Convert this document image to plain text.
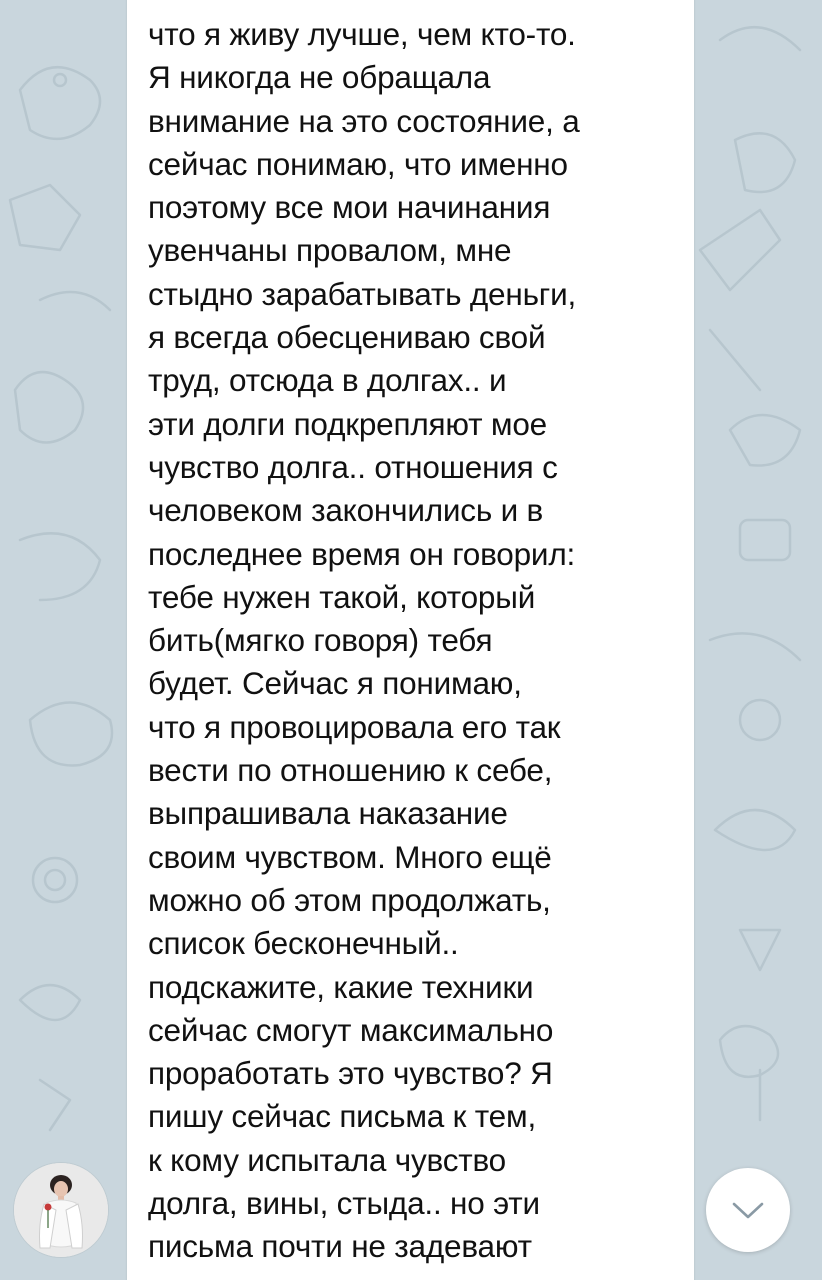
что я живу лучше, чем кто-то.
Я никогда не обращала
внимание на это состояние, а
сейчас понимаю, что именно
поэтому все мои начинания
увенчаны провалом, мне
стыдно зарабатывать деньги,
я всегда обесцениваю свой
труд, отсюда в долгах.. и
эти долги подкрепляют мое
чувство долга.. отношения с
человеком закончились и в
последнее время он говорил:
тебе нужен такой, который
бить(мягко говоря) тебя
будет. Сейчас я понимаю,
что я провоцировала его так
вести по отношению к себе,
выпрашивала наказание
своим чувством. Много ещё
можно об этом продолжать,
список бесконечный..
подскажите, какие техники
сейчас смогут максимально
проработать это чувство? Я
пишу сейчас письма к тем,
к кому испытала чувство
долга, вины, стыда.. но эти
письма почти не задевают
